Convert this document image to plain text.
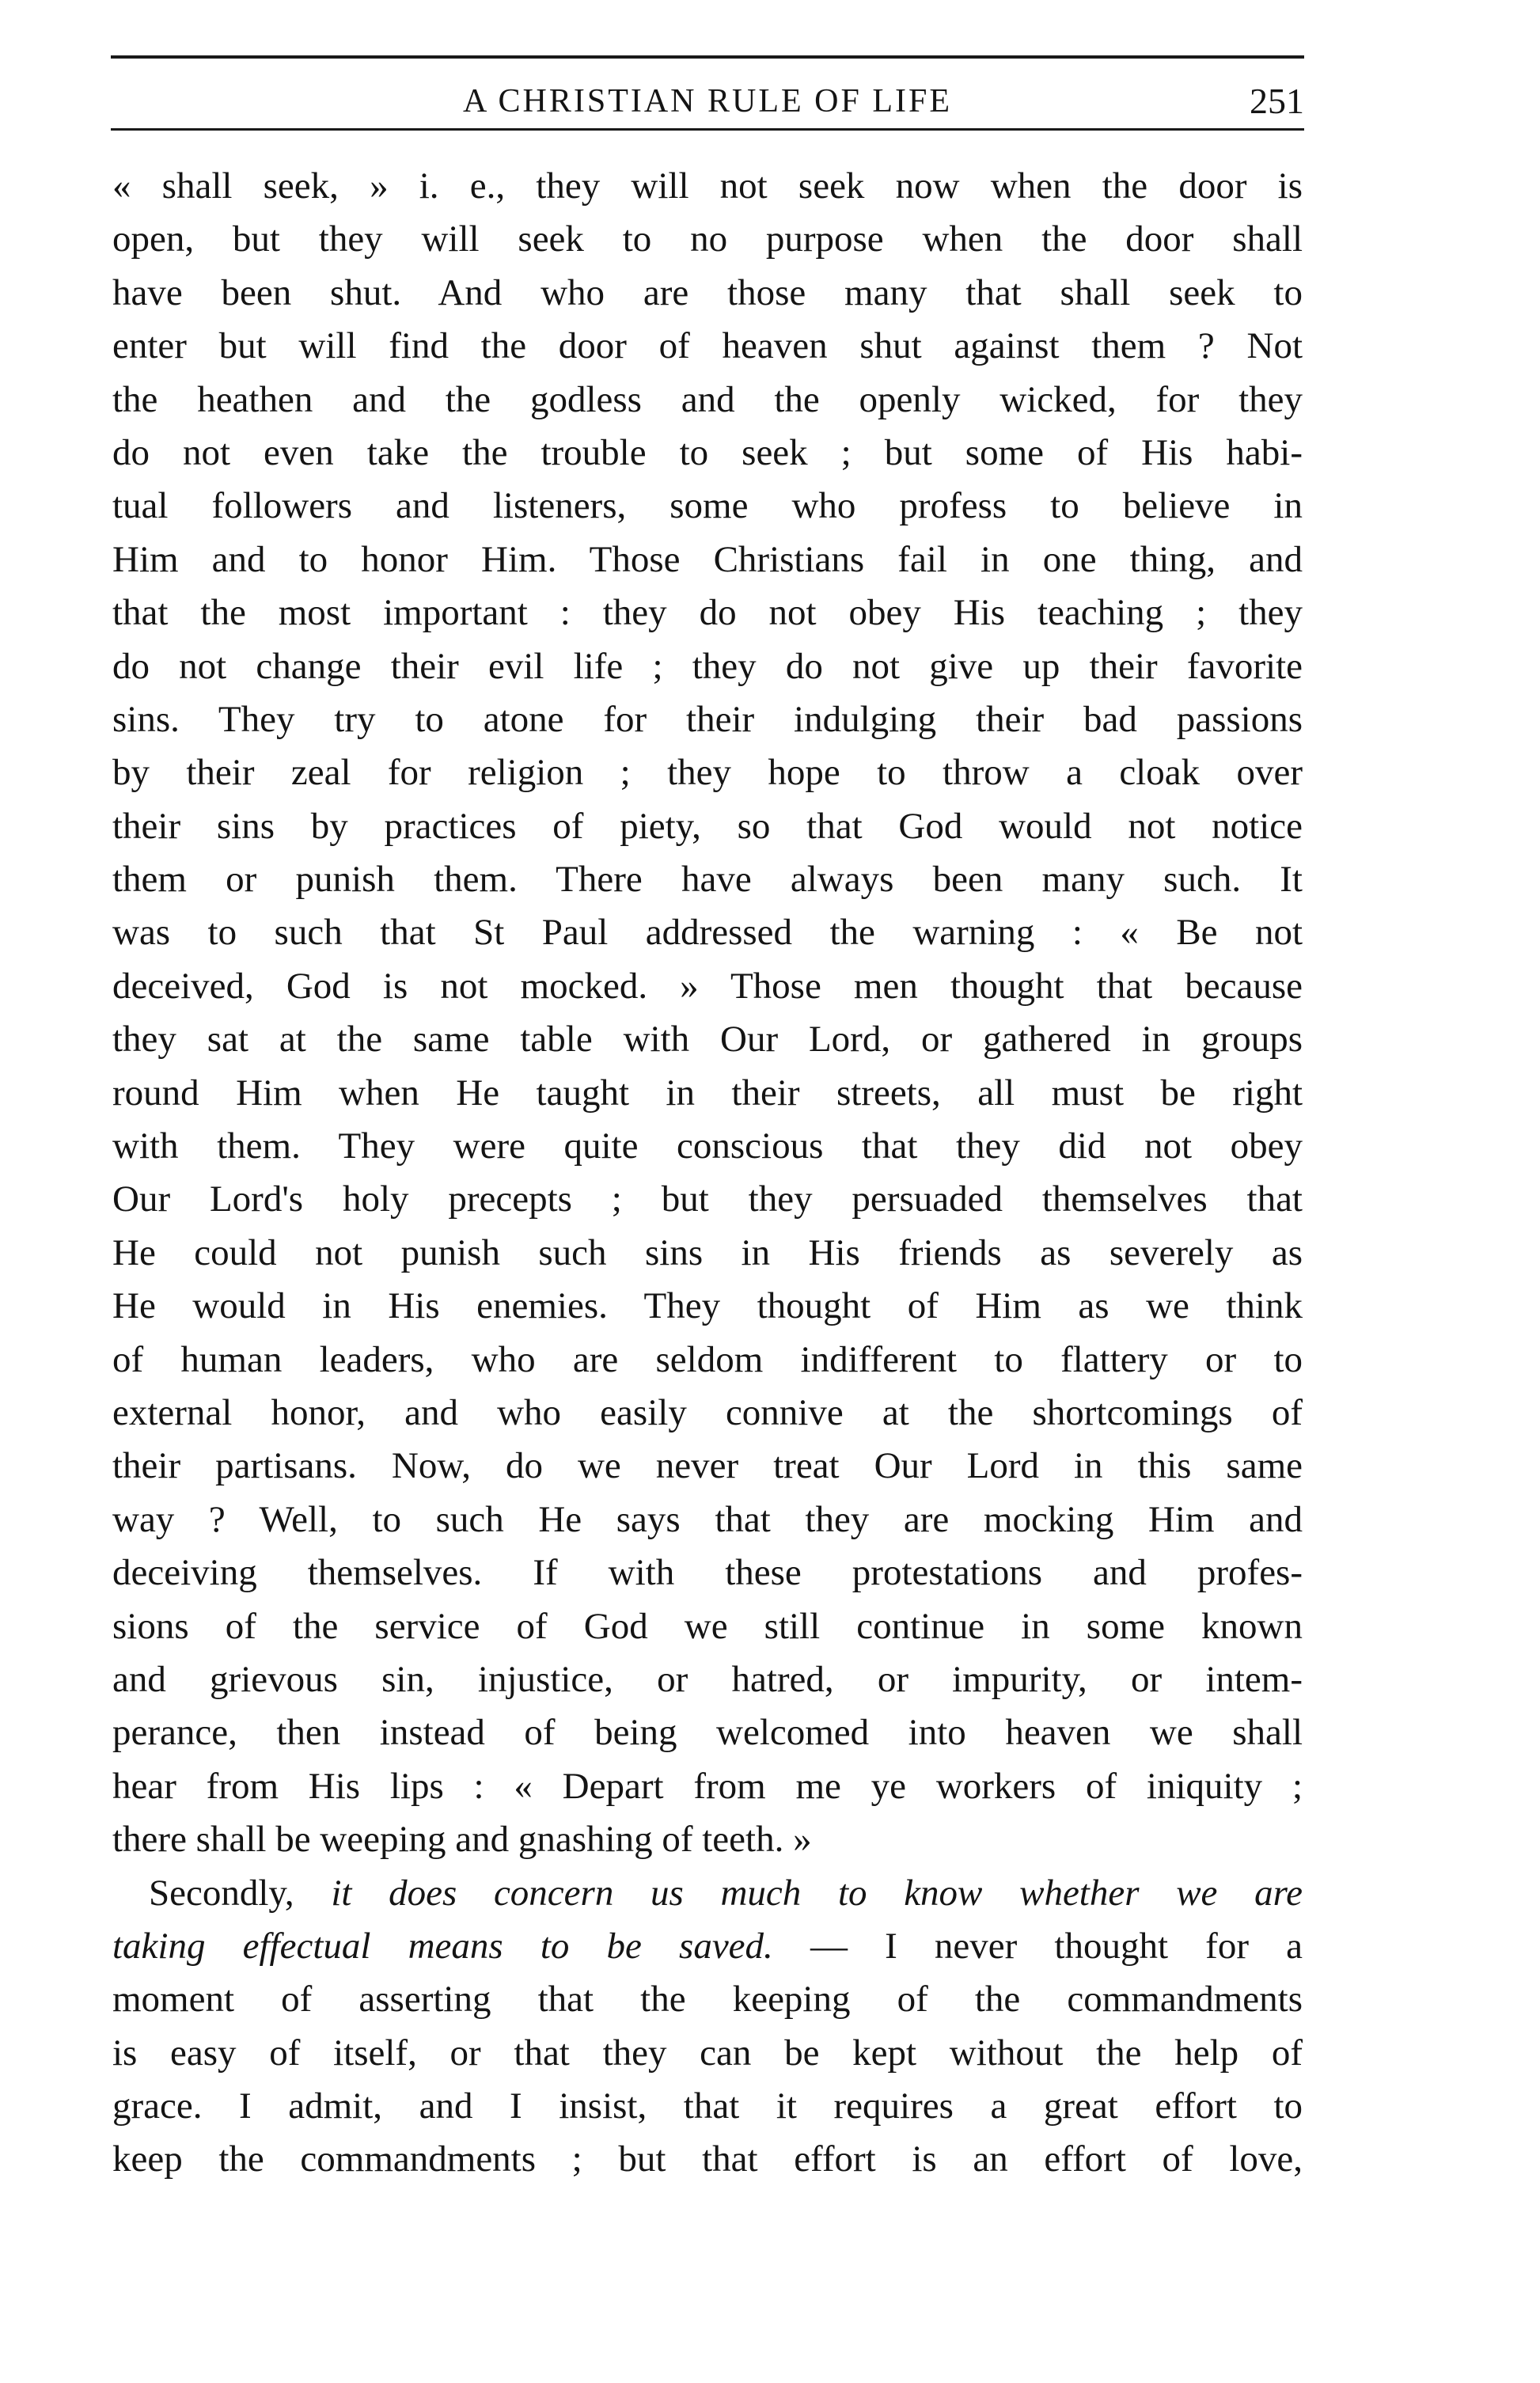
A CHRISTIAN RULE OF LIFE	251
« shall seek, » i. e., they will not seek now when the door is
open, but they will seek to no purpose when the door shall
have been shut. And who are those many that shall seek to
enter but will find the door of heaven shut against them ? Not
the heathen and the godless and the openly wicked, for they
do not even take the trouble to seek ; but some of His habi-
tual followers and listeners, some who profess to believe in
Him and to honor Him. Those Christians fail in one thing, and
that the most important : they do not obey His teaching ; they
do not change their evil life ; they do not give up their favorite
sins. They try to atone for their indulging their bad passions
by their zeal for religion ; they hope to throw a cloak over
their sins by practices of piety, so that God would not notice
them or punish them. There have always been many such. It
was to such that St Paul addressed the warning : « Be not
deceived, God is not mocked. » Those men thought that because
they sat at the same table with Our Lord, or gathered in groups
round Him when He taught in their streets, all must be right
with them. They were quite conscious that they did not obey
Our Lord's holy precepts ; but they persuaded themselves that
He could not punish such sins in His friends as severely as
He would in His enemies. They thought of Him as we think
of human leaders, who are seldom indifferent to flattery or to
external honor, and who easily connive at the shortcomings of
their partisans. Now, do we never treat Our Lord in this same
way ? Well, to such He says that they are mocking Him and
deceiving themselves. If with these protestations and profes-
sions of the service of God we still continue in some known
and grievous sin, injustice, or hatred, or impurity, or intem-
perance, then instead of being welcomed into heaven we shall
hear from His lips : « Depart from me ye workers of iniquity ;
there shall be weeping and gnashing of teeth. »
Secondly, it does concern us much to know whether we are
taking effectual means to be saved. — I never thought for a
moment of asserting that the keeping of the commandments
is easy of itself, or that they can be kept without the help of
grace. I admit, and I insist, that it requires a great effort to
keep the commandments ; but that effort is an effort of love,
